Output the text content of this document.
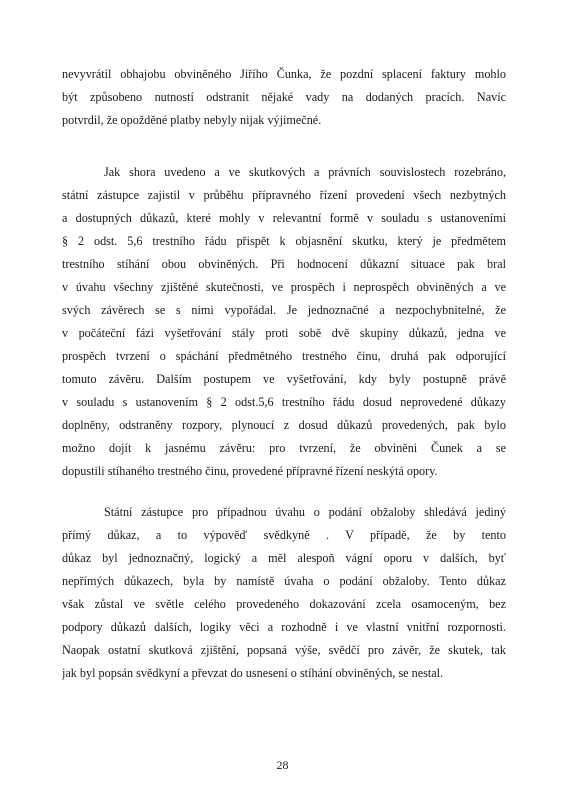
nevyvrátil obhajobu obviněného Jiřího Čunka, že pozdní splacení faktury mohlo
být způsobeno nutností odstranit nějaké vady na dodaných pracích. Navíc
potvrdil, že opožděné platby nebyly nijak výjimečné.

Jak shora uvedeno a ve skutkových a právních souvislostech rozebráno,
státní zástupce zajistil v průběhu přípravného řízení provedení všech nezbytných
a dostupných důkazů, které mohly v relevantní formě v souladu s ustanoveními
§ 2 odst. 5,6 trestního řádu přispět k objasnění skutku, který je předmětem
trestního stíhání obou obviněných. Při hodnocení důkazní situace pak bral
v úvahu všechny zjištěné skutečnosti, ve prospěch i neprospěch obviněných a ve
svých závěrech se s nimi vypořádal. Je jednoznačné a nezpochybnitelné, že
v počáteční fázi vyšetřování stály proti sobě dvě skupiny důkazů, jedna ve
prospěch tvrzení o spáchání předmětného trestného činu, druhá pak odporující
tomuto závěru. Dalším postupem ve vyšetřování, kdy byly postupně právě
v souladu s ustanovením § 2 odst.5,6 trestního řádu dosud neprovedené důkazy
doplněny, odstraněny rozpory, plynoucí z dosud důkazů provedených, pak bylo
možno dojít k jasnému závěru: pro tvrzení, že obviněni Čunek a se
dopustili stíhaného trestného činu, provedené přípravné řízení neskýtá opory.

Státní zástupce pro případnou úvahu o podání obžaloby shledává jediný
přímý důkaz, a to výpověď svědkyně . V případě, že by tento
důkaz byl jednoznačný, logický a měl alespoň vágní oporu v dalších, byť
nepřímých důkazech, byla by namístě úvaha o podání obžaloby. Tento důkaz
však zůstal ve světle celého provedeného dokazování zcela osamoceným, bez
podpory důkazů dalších, logiky věci a rozhodně i ve vlastní vnitřní rozpornosti.
Naopak ostatní skutková zjištění, popsaná výše, svědčí pro závěr, že skutek, tak
jak byl popsán svědkyní a převzat do usnesení o stíhání obviněných, se nestal.

28
